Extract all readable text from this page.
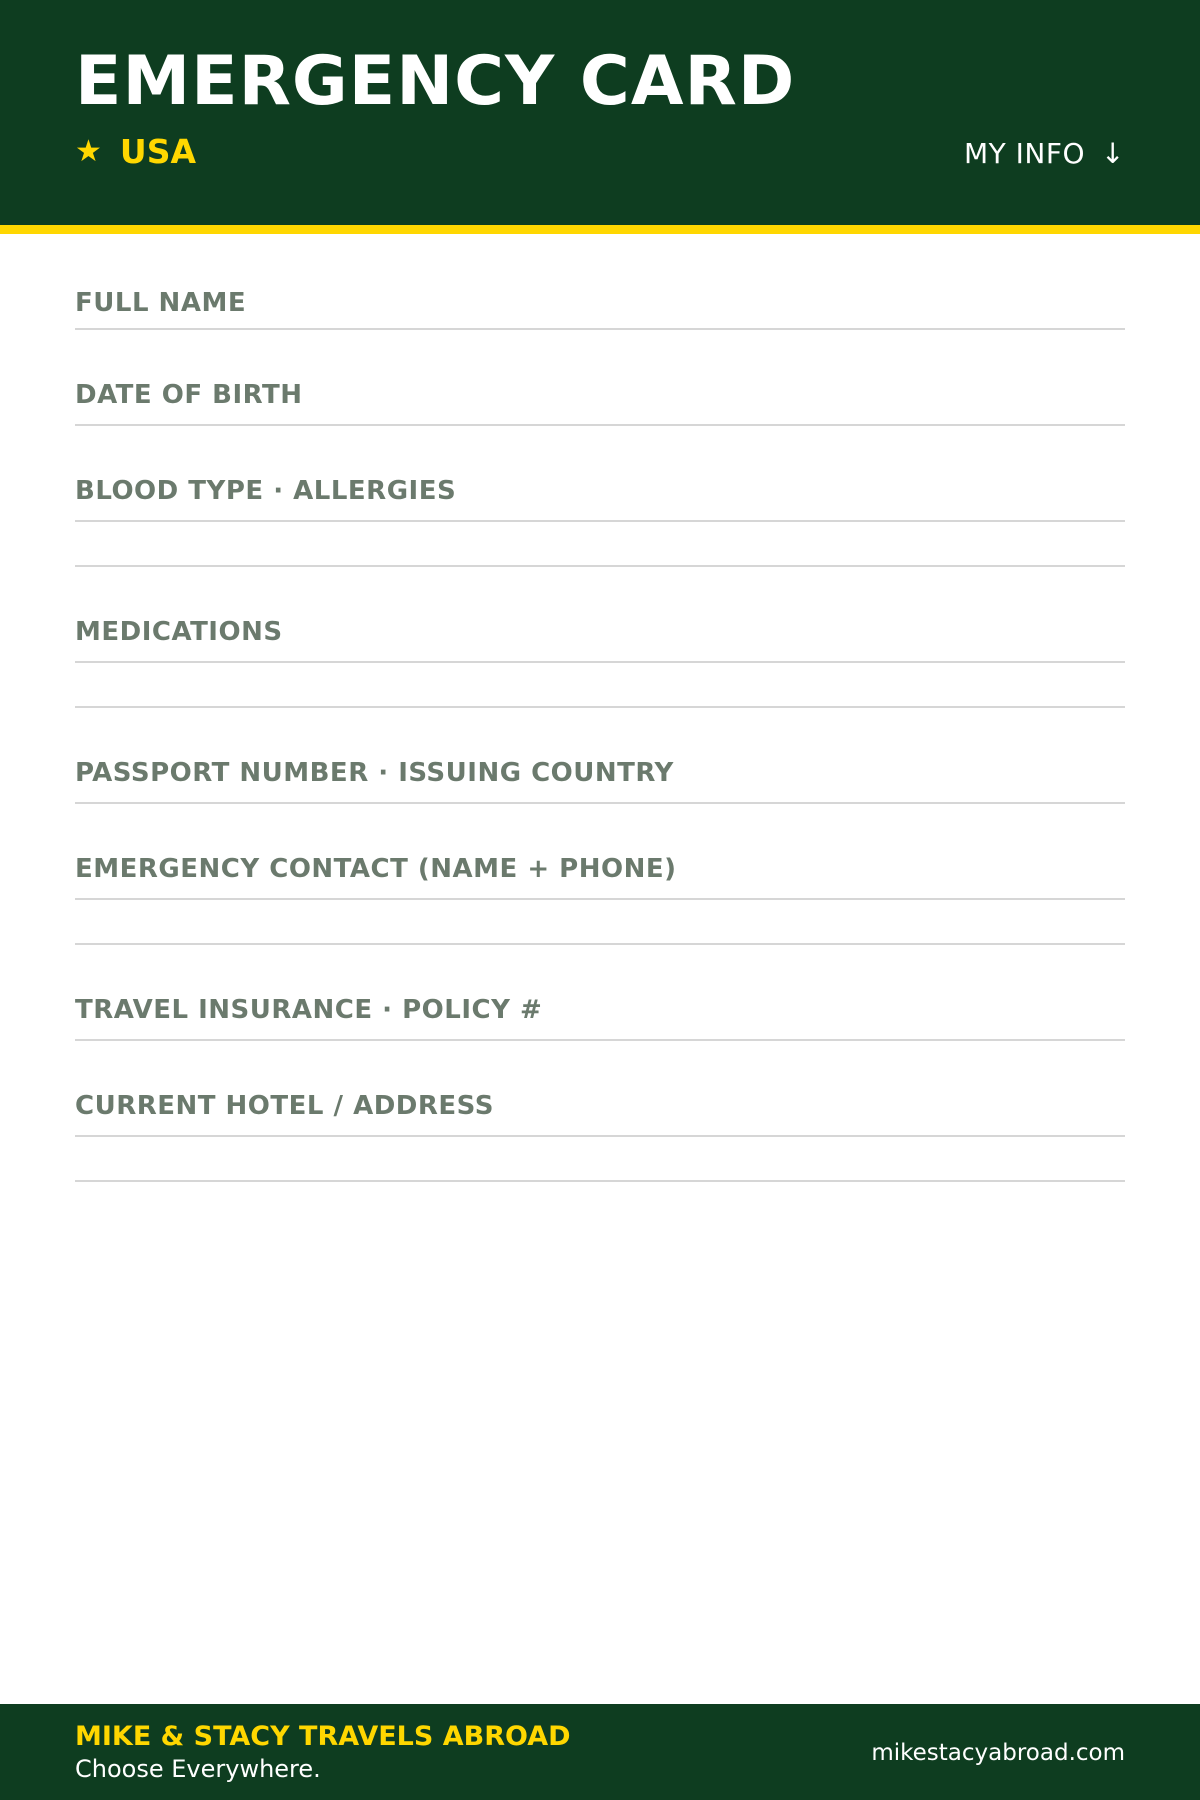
EMERGENCY CARD
★ USA	MY INFO ↓
FULL NAME
DATE OF BIRTH
BLOOD TYPE · ALLERGIES
MEDICATIONS
PASSPORT NUMBER · ISSUING COUNTRY
EMERGENCY CONTACT (NAME + PHONE)
TRAVEL INSURANCE · POLICY #
CURRENT HOTEL / ADDRESS
MIKE & STACY TRAVELS ABROAD
Choose Everywhere.
mikestacyabroad.com
